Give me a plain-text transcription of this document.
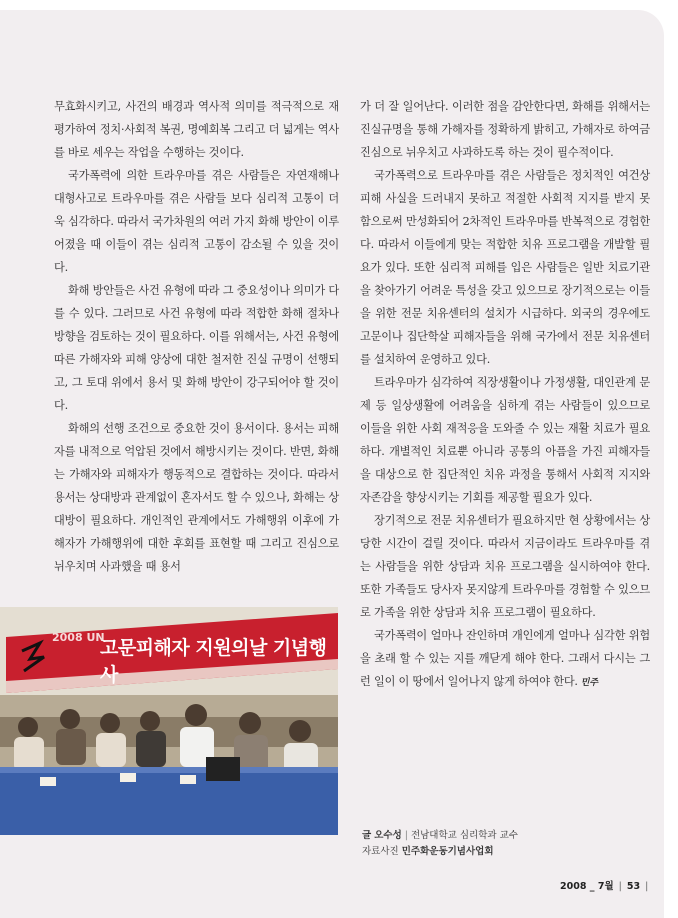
무효화시키고, 사건의 배경과 역사적 의미를 적극적으로 재평가하여 정치·사회적 복권, 명예회복 그리고 더 넓게는 역사를 바로 세우는 작업을 수행하는 것이다.

국가폭력에 의한 트라우마를 겪은 사람들은 자연재해나 대형사고로 트라우마를 겪은 사람들 보다 심리적 고통이 더욱 심각하다. 따라서 국가차원의 여러 가지 화해 방안이 이루어졌을 때 이들이 겪는 심리적 고통이 감소될 수 있을 것이다.

화해 방안들은 사건 유형에 따라 그 중요성이나 의미가 다를 수 있다. 그러므로 사건 유형에 따라 적합한 화해 절차나 방향을 검토하는 것이 필요하다. 이를 위해서는, 사건 유형에 따른 가해자와 피해 양상에 대한 철저한 진실 규명이 선행되고, 그 토대 위에서 용서 및 화해 방안이 강구되어야 할 것이다.

화해의 선행 조건으로 중요한 것이 용서이다. 용서는 피해자를 내적으로 억압된 것에서 해방시키는 것이다. 반면, 화해는 가해자와 피해자가 행동적으로 결합하는 것이다. 따라서 용서는 상대방과 관계없이 혼자서도 할 수 있으나, 화해는 상대방이 필요하다. 개인적인 관계에서도 가해행위 이후에 가해자가 가해행위에 대한 후회를 표현할 때 그리고 진심으로 뉘우치며 사과했을 때 용서

가 더 잘 일어난다. 이러한 점을 감안한다면, 화해를 위해서는 진실규명을 통해 가해자를 정확하게 밝히고, 가해자로 하여금 진심으로 뉘우치고 사과하도록 하는 것이 필수적이다.

국가폭력으로 트라우마를 겪은 사람들은 정치적인 여건상 피해 사실을 드러내지 못하고 적절한 사회적 지지를 받지 못함으로써 만성화되어 2차적인 트라우마를 반복적으로 경험한다. 따라서 이들에게 맞는 적합한 치유 프로그램을 개발할 필요가 있다. 또한 심리적 피해를 입은 사람들은 일반 치료기관을 찾아가기 어려운 특성을 갖고 있으므로 장기적으로는 이들을 위한 전문 치유센터의 설치가 시급하다. 외국의 경우에도 고문이나 집단학살 피해자들을 위해 국가에서 전문 치유센터를 설치하여 운영하고 있다.

트라우마가 심각하여 직장생활이나 가정생활, 대인관계 문제 등 일상생활에 어려움을 심하게 겪는 사람들이 있으므로 이들을 위한 사회 재적응을 도와줄 수 있는 재활 치료가 필요하다. 개별적인 치료뿐 아니라 공통의 아픔을 가진 피해자들을 대상으로 한 집단적인 치유 과정을 통해서 사회적 지지와 자존감을 향상시키는 기회를 제공할 필요가 있다.

장기적으로 전문 치유센터가 필요하지만 현 상황에서는 상당한 시간이 걸릴 것이다. 따라서 지금이라도 트라우마를 겪는 사람들을 위한 상담과 치유 프로그램을 실시하여야 한다. 또한 가족들도 당사자 못지않게 트라우마를 경험할 수 있으므로 가족을 위한 상담과 치유 프로그램이 필요하다.

국가폭력이 얼마나 잔인하며 개인에게 얼마나 심각한 위험을 초래 할 수 있는 지를 깨닫게 해야 한다. 그래서 다시는 그런 일이 이 땅에서 일어나지 않게 하여야 한다. 민주

2008 UN
고문피해자 지원의날 기념행사
글 오수성 | 전남대학교 심리학과 교수
자료사진 민주화운동기념사업회
2008 _ 7월 | 53 |
